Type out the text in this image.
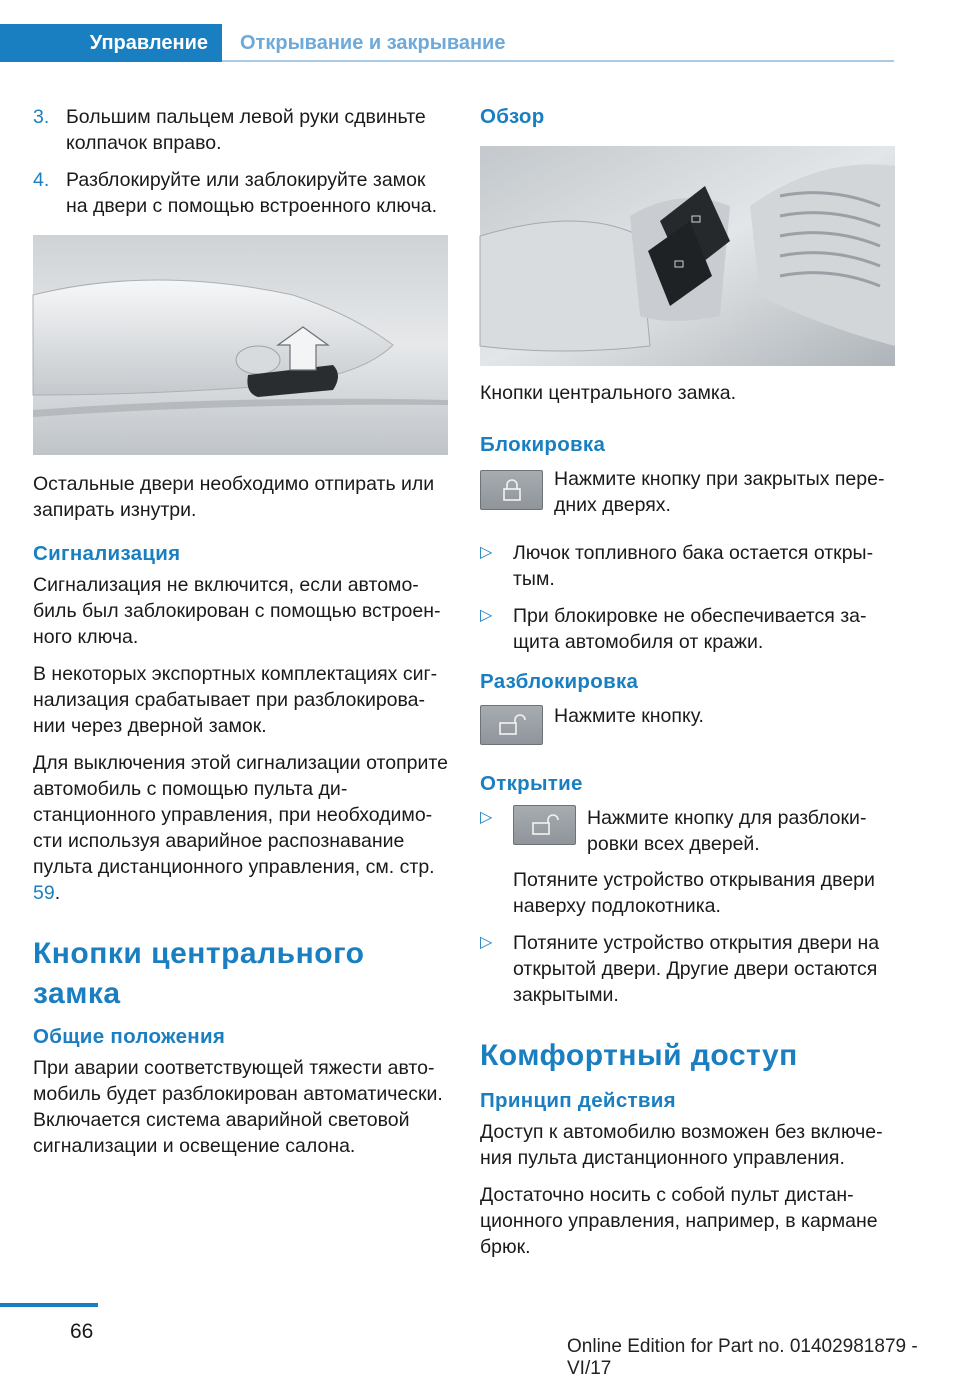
Управление	Открывание и закрывание
3. Большим пальцем левой руки сдвиньте колпачок вправо.
4. Разблокируйте или заблокируйте замок на двери с помощью встроенного ключа.

Остальные двери необходимо отпирать или запирать изнутри.

Сигнализация

Сигнализация не включится, если автомобиль был заблокирован с помощью встроенного ключа.

В некоторых экспортных комплектациях сигнализация срабатывает при разблокировании через дверной замок.

Для выключения этой сигнализации отоприте автомобиль с помощью пульта дистанционного управления, при необходимости используя аварийное распознавание пульта дистанционного управления, см. стр. 59.

Кнопки центрального замка
Общие положения

При аварии соответствующей тяжести автомобиль будет разблокирован автоматически. Включается система аварийной световой сигнализации и освещение салона.

Обзор

Кнопки центрального замка.

Блокировка

Нажмите кнопку при закрытых передних дверях.

▷ Лючок топливного бака остается открытым.
▷ При блокировке не обеспечивается защита автомобиля от кражи.
Разблокировка

Нажмите кнопку.

Открытие
▷	Нажмите кнопку для разблокировки всех дверей.

Потяните устройство открывания двери наверху подлокотника.

▷ Потяните устройство открытия двери на открытой двери. Другие двери остаются закрытыми.
Комфортный доступ
Принцип действия

Доступ к автомобилю возможен без включения пульта дистанционного управления.

Достаточно носить с собой пульт дистанционного управления, например, в кармане брюк.

66
Online Edition for Part no. 01402981879 - VI/17
